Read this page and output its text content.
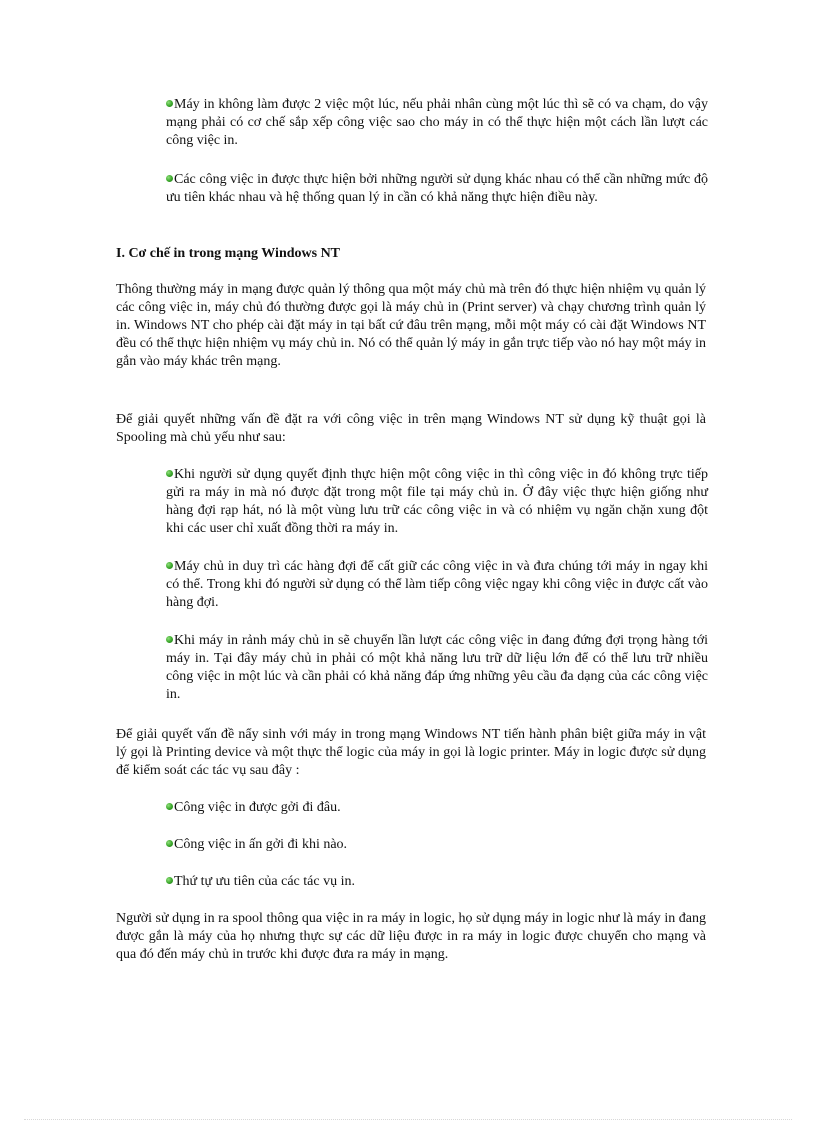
Máy in không làm được 2 việc một lúc, nếu phải nhân cùng một lúc thì sẽ có va chạm, do vậy mạng phải có cơ chế sắp xếp công việc sao cho máy in có thể thực hiện một cách lần lượt các công việc in.

Các công việc in được thực hiện bởi những người sử dụng khác nhau có thể cần những mức độ ưu tiên khác nhau và hệ thống quan lý in cần có khả năng thực hiện điều này.

I. Cơ chế in trong mạng Windows NT

Thông thường máy in mạng được quản lý thông qua một máy chủ mà trên đó thực hiện nhiệm vụ quản lý các công việc in, máy chủ đó thường được gọi là máy chủ in (Print server) và chạy chương trình quản lý in. Windows NT cho phép cài đặt máy in tại bất cứ đâu trên mạng, mỗi một máy có cài đặt Windows NT đều có thể thực hiện nhiệm vụ máy chủ in. Nó có thể quản lý máy in gắn trực tiếp vào nó hay một máy in gắn vào máy khác trên mạng.

Để giải quyết những vấn đề đặt ra với công việc in trên mạng Windows NT sử dụng kỹ thuật gọi là Spooling mà chủ yếu như sau:

Khi người sử dụng quyết định thực hiện một công việc in thì công việc in đó không trực tiếp gửi ra máy in mà nó được đặt trong một file tại máy chủ in. Ở đây việc thực hiện giống như hàng đợi rạp hát, nó là một vùng lưu trữ các công việc in và có nhiệm vụ ngăn chặn xung đột khi các user chỉ xuất đồng thời ra máy in.

Máy chủ in duy trì các hàng đợi để cất giữ các công việc in và đưa chúng tới máy in ngay khi có thể. Trong khi đó người sử dụng có thể làm tiếp công việc ngay khi công việc in được cất vào hàng đợi.

Khi máy in rảnh máy chủ in sẽ chuyển lần lượt các công việc in đang đứng đợi trọng hàng tới máy in. Tại đây máy chủ in phải có một khả năng lưu trữ dữ liệu lớn để có thể lưu trữ nhiều công việc in một lúc và cần phải có khả năng đáp ứng những yêu cầu đa dạng của các công việc in.

Để giải quyết vấn đề nẩy sinh với máy in trong mạng Windows NT tiến hành phân biệt giữa máy in vật lý gọi là Printing device và một thực thể logic của máy in gọi là logic printer. Máy in logic được sử dụng để kiểm soát các tác vụ sau đây :

Công việc in được gởi đi đâu.

Công việc in ấn gởi đi khi nào.

Thứ tự ưu tiên của các tác vụ in.

Người sử dụng in ra spool thông qua việc in ra máy in logic, họ sử dụng máy in logic như là máy in đang được gắn là máy của họ nhưng thực sự các dữ liệu được in ra máy in logic được chuyển cho mạng và qua đó đến máy chủ in trước khi được đưa ra máy in mạng.
